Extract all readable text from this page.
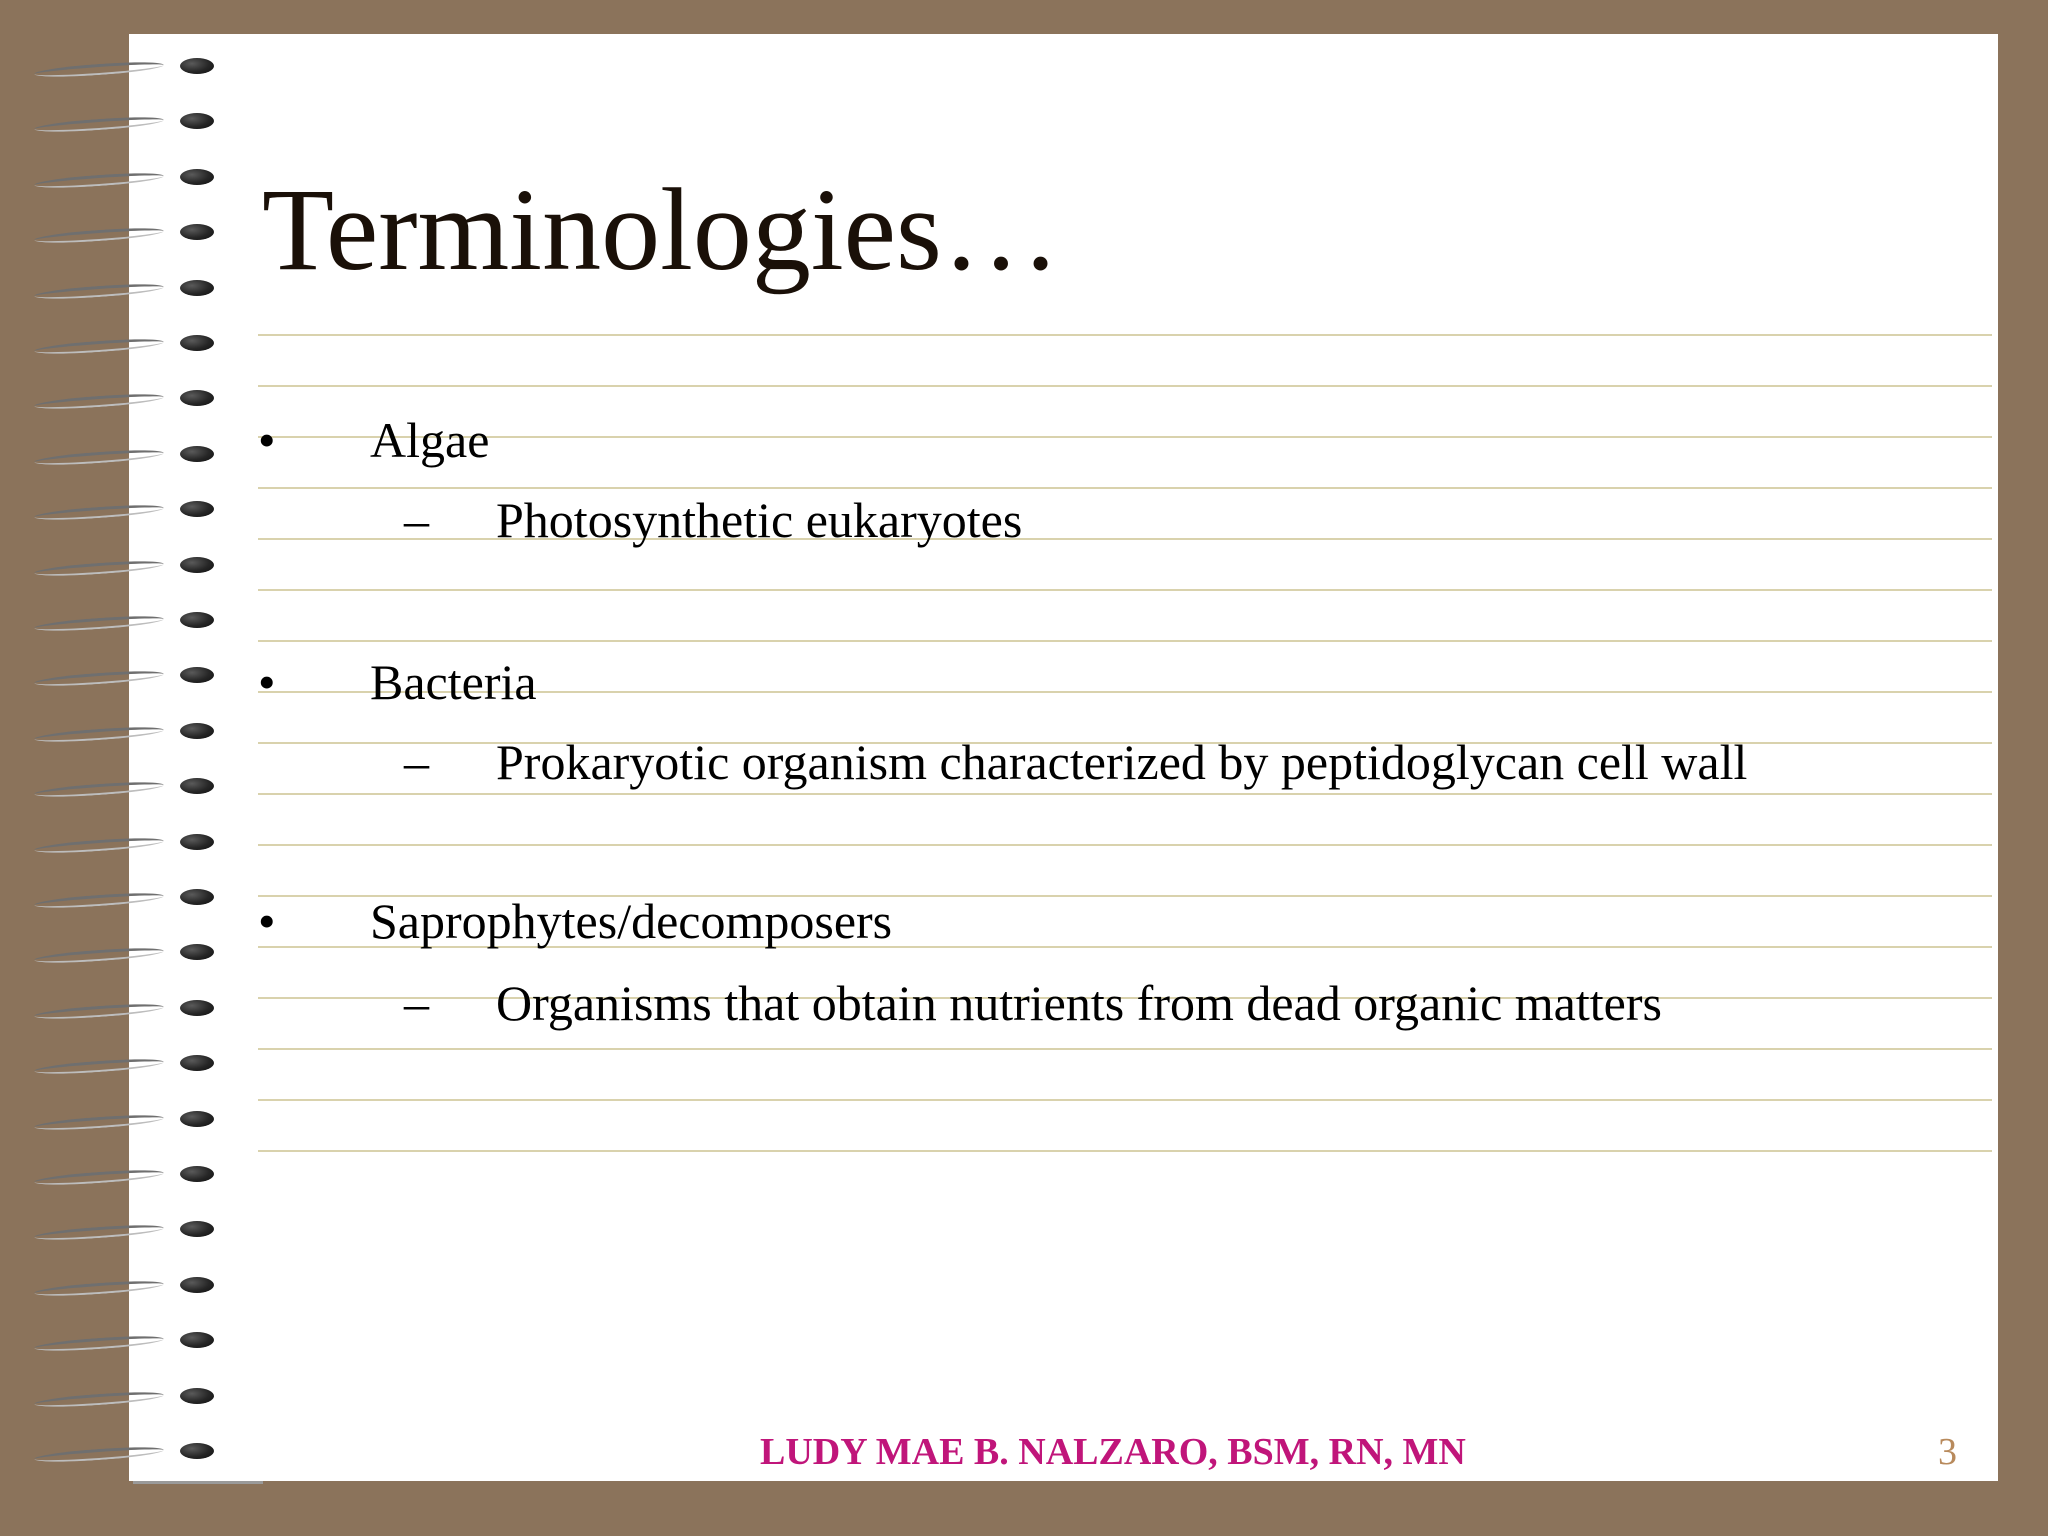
Terminologies…
• Algae
– Photosynthetic eukaryotes
• Bacteria
– Prokaryotic organism characterized by peptidoglycan cell wall
• Saprophytes/decomposers
– Organisms that obtain nutrients from dead organic matters
LUDY MAE B. NALZARO, BSM, RN, MN	3
